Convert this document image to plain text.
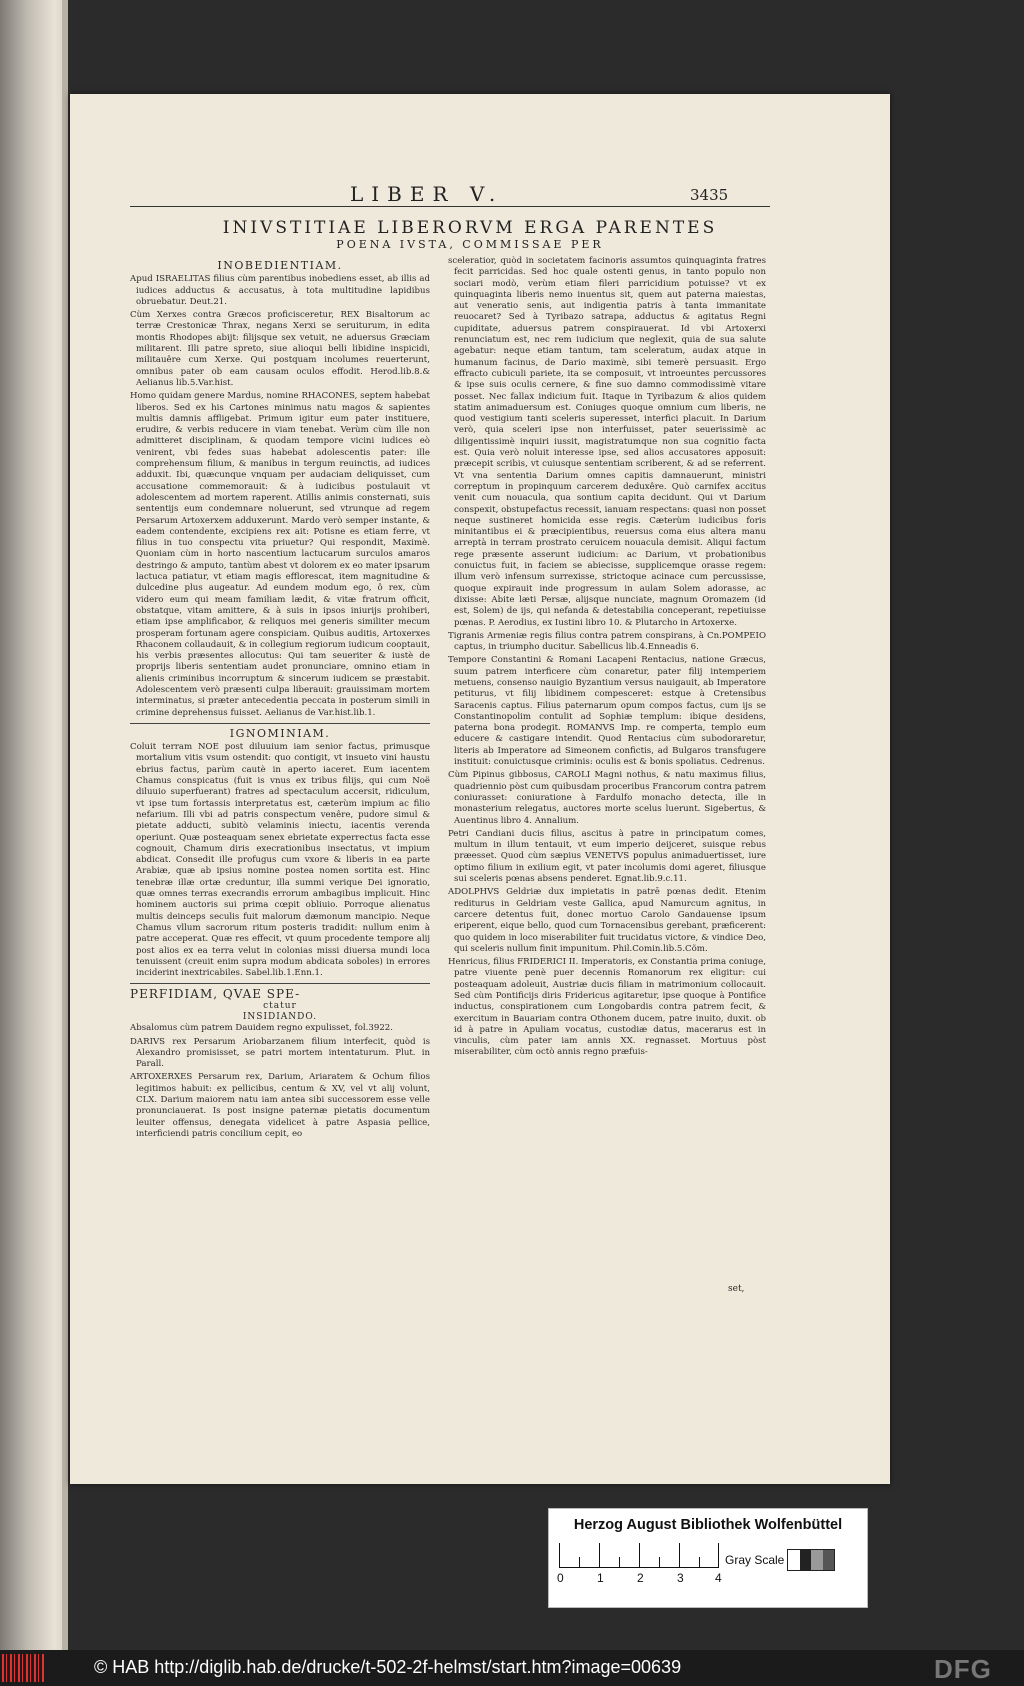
LIBER V.	3435
INIVSTITIAE LIBERORVM ERGA PARENTES
POENA IVSTA, COMMISSAE PER
INOBEDIENTIAM.

Apud ISRAELITAS filius cùm parentibus inobediens esset, ab illis ad iudices adductus & accusatus, à tota multitudine lapidibus obruebatur. Deut.21.

Cùm Xerxes contra Græcos proficisceretur, REX Bisaltorum ac terræ Crestonicæ Thrax, negans Xerxi se seruiturum, in edita montis Rhodopes abijt: filijsque sex vetuit, ne aduersus Græciam militarent. Illi patre spreto, siue alioqui belli libidine inspicidi, militauêre cum Xerxe. Qui postquam incolumes reuerterunt, omnibus pater ob eam causam oculos effodit. Herod.lib.8.& Aelianus lib.5.Var.hist.

Homo quidam genere Mardus, nomine RHACONES, septem habebat liberos. Sed ex his Cartones minimus natu magos & sapientes multis damnis affligebat. Primum igitur eum pater instituere, erudire, & verbis reducere in viam tenebat. Verùm cùm ille non admitteret disciplinam, & quodam tempore vicini iudices eò venirent, vbi fedes suas habebat adolescentis pater: ille comprehensum filium, & manibus in tergum reuinctis, ad iudices adduxit. Ibi, quæcunque vnquam per audaciam deliquisset, cum accusatione commemorauit: & à iudicibus postulauit vt adolescentem ad mortem raperent. Atillis animis consternati, suis sententijs eum condemnare noluerunt, sed vtrunque ad regem Persarum Artoxerxem adduxerunt. Mardo verò semper instante, & eadem contendente, excipiens rex ait: Potisne es etiam ferre, vt filius in tuo conspectu vita priuetur? Qui respondit, Maximè. Quoniam cùm in horto nascentium lactucarum surculos amaros destringo & amputo, tantùm abest vt dolorem ex eo mater ipsarum lactuca patiatur, vt etiam magis efflorescat, item magnitudine & dulcedine plus augeatur. Ad eundem modum ego, ô rex, cùm videro eum qui meam familiam lædit, & vitæ fratrum officit, obstatque, vitam amittere, & à suis in ipsos iniurijs prohiberi, etiam ipse amplificabor, & reliquos mei generis similiter mecum prosperam fortunam agere conspiciam. Quibus auditis, Artoxerxes Rhaconem collaudauit, & in collegium regiorum iudicum cooptauit, his verbis præsentes allocutus: Qui tam seueriter & iustè de proprijs liberis sententiam audet pronunciare, omnino etiam in alienis criminibus incorruptum & sincerum iudicem se præstabit. Adolescentem verò præsenti culpa liberauit: grauissimam mortem interminatus, si præter antecedentia peccata in posterum simili in crimine deprehensus fuisset. Aelianus de Var.hist.lib.1.

IGNOMINIAM.

Coluit terram NOE post diluuium iam senior factus, primusque mortalium vitis vsum ostendit: quo contigit, vt insueto vini haustu ebrius factus, parùm cautè in aperto iaceret. Eum iacentem Chamus conspicatus (fuit is vnus ex tribus filijs, qui cum Noë diluuio superfuerant) fratres ad spectaculum accersit, ridiculum, vt ipse tum fortassis interpretatus est, cæterùm impium ac filio nefarium. Illi vbi ad patris conspectum venêre, pudore simul & pietate adducti, subitò velaminis iniectu, iacentis verenda operiunt. Quæ posteaquam senex ebrietate experrectus facta esse cognouit, Chamum diris execrationibus insectatus, vt impium abdicat. Consedit ille profugus cum vxore & liberis in ea parte Arabiæ, quæ ab ipsius nomine postea nomen sortita est. Hinc tenebræ illæ ortæ creduntur, illa summi verique Dei ignoratio, quæ omnes terras execrandis errorum ambagibus implicuit. Hinc hominem auctoris sui prima cœpit obliuio. Porroque alienatus multis deinceps seculis fuit malorum dæmonum mancipio. Neque Chamus vllum sacrorum ritum posteris tradidit: nullum enim à patre acceperat. Quæ res effecit, vt quum procedente tempore alij post alios ex ea terra velut in colonias missi diuersa mundi loca tenuissent (creuit enim supra modum abdicata soboles) in errores inciderint inextricabiles. Sabel.lib.1.Enn.1.

PERFIDIAM, QVAE SPE-
ctatur
INSIDIANDO.

Absalomus cùm patrem Dauidem regno expulisset, fol.3922.

DARIVS rex Persarum Ariobarzanem filium interfecit, quòd is Alexandro promisisset, se patri mortem intentaturum. Plut. in Parall.

ARTOXERXES Persarum rex, Darium, Ariaratem & Ochum filios legitimos habuit: ex pellicibus, centum & XV, vel vt alij volunt, CLX. Darium maiorem natu iam antea sibi successorem esse velle pronunciauerat. Is post insigne paternæ pietatis documentum leuiter offensus, denegata videlicet à patre Aspasia pellice, interficiendi patris concilium cepit, eo

sceleratior, quòd in societatem facinoris assumtos quinquaginta fratres fecit parricidas. Sed hoc quale ostenti genus, in tanto populo non sociari modò, verùm etiam fileri parricidium potuisse? vt ex quinquaginta liberis nemo inuentus sit, quem aut paterna maiestas, aut veneratio senis, aut indigentia patris à tanta immanitate reuocaret? Sed à Tyribazo satrapa, adductus & agitatus Regni cupiditate, aduersus patrem conspirauerat. Id vbi Artoxerxi renunciatum est, nec rem iudicium que neglexit, quia de sua salute agebatur: neque etiam tantum, tam sceleratum, audax atque in humanum facinus, de Dario maximè, sibi temerè persuasit. Ergo effracto cubiculi pariete, ita se composuit, vt introeuntes percussores & ipse suis oculis cernere, & fine suo damno commodissimè vitare posset. Nec fallax indicium fuit. Itaque in Tyribazum & alios quidem statim animaduersum est. Coniuges quoque omnium cum liberis, ne quod vestigium tanti sceleris superesset, interfici placuit. In Darium verò, quia sceleri ipse non interfuisset, pater seuerissimè ac diligentissimè inquiri iussit, magistratumque non sua cognitio facta est. Quia verò noluit interesse ipse, sed alios accusatores apposuit: præcepit scribis, vt cuiusque sententiam scriberent, & ad se referrent. Vt vna sententia Darium omnes capitis damnauerunt, ministri correptum in propinquum carcerem deduxêre. Quò carnifex accitus venit cum nouacula, qua sontium capita decidunt. Qui vt Darium conspexit, obstupefactus recessit, ianuam respectans: quasi non posset neque sustineret homicida esse regis. Cæterùm iudicibus foris minitantibus ei & præcipientibus, reuersus coma eius altera manu arreptà in terram prostrato ceruicem nouacula demisit. Aliqui factum rege præsente asserunt iudicium: ac Darium, vt probationibus conuictus fuit, in faciem se abiecisse, supplicemque orasse regem: illum verò infensum surrexisse, strictoque acinace cum percussisse, quoque expirauit inde progressum in aulam Solem adorasse, ac dixisse: Abite læti Persæ, alijsque nunciate, magnum Oromazem (id est, Solem) de ijs, qui nefanda & detestabilia conceperant, repetiuisse pœnas. P. Aerodius, ex Iustini libro 10. & Plutarcho in Artoxerxe.

Tigranis Armeniæ regis filius contra patrem conspirans, à Cn.POMPEIO captus, in triumpho ducitur. Sabellicus lib.4.Enneadis 6.

Tempore Constantini & Romani Lacapeni Rentacius, natione Græcus, suum patrem interficere cùm conaretur, pater filij intemperiem metuens, consenso nauigio Byzantium versus nauigauit, ab Imperatore petiturus, vt filij libidinem compesceret: estque à Cretensibus Saracenis captus. Filius paternarum opum compos factus, cum ijs se Constantinopolim contulit ad Sophiæ templum: ibique desidens, paterna bona prodegit. ROMANVS Imp. re comperta, templo eum educere & castigare intendit. Quod Rentacius cùm subodoraretur, literis ab Imperatore ad Simeonem confictis, ad Bulgaros transfugere instituit: conuictusque criminis: oculis est & bonis spoliatus. Cedrenus.

Cùm Pipinus gibbosus, CAROLI Magni nothus, & natu maximus filius, quadriennio pòst cum quibusdam proceribus Francorum contra patrem coniurasset: coniuratione à Fardulfo monacho detecta, ille in monasterium relegatus, auctores morte scelus luerunt. Sigebertus, & Auentinus libro 4. Annalium.

Petri Candiani ducis filius, ascitus à patre in principatum comes, multum in illum tentauit, vt eum imperio deijceret, suisque rebus præesset. Quod cùm sæpius VENETVS populus animaduertisset, iure optimo filium in exilium egit, vt pater incolumis domi ageret, filiusque sui sceleris pœnas absens penderet. Egnat.lib.9.c.11.

ADOLPHVS Geldriæ dux impietatis in patrē pœnas dedit. Etenim rediturus in Geldriam veste Gallica, apud Namurcum agnitus, in carcere detentus fuit, donec mortuo Carolo Gandauense ipsum eriperent, eique bello, quod cum Tornacensibus gerebant, præficerent: quo quidem in loco miserabiliter fuit trucidatus victore, & vindice Deo, qui sceleris nullum finit impunitum. Phil.Comin.lib.5.Cõm.

Henricus, filius FRIDERICI II. Imperatoris, ex Constantia prima coniuge, patre viuente penè puer decennis Romanorum rex eligitur: cui posteaquam adoleuit, Austriæ ducis filiam in matrimonium collocauit. Sed cùm Pontificijs diris Fridericus agitaretur, ipse quoque à Pontifice inductus, conspirationem cum Longobardis contra patrem fecit, & exercitum in Bauariam contra Othonem ducem, patre inuito, duxit. ob id à patre in Apuliam vocatus, custodiæ datus, macerarus est in vinculis, cùm pater iam annis XX. regnasset. Mortuus pòst miserabiliter, cùm octò annis regno præfuis-

set,
Herzog August Bibliothek Wolfenbüttel
0	1	2	3	4
Gray Scale
© HAB http://diglib.hab.de/drucke/t-502-2f-helmst/start.htm?image=00639	DFG
